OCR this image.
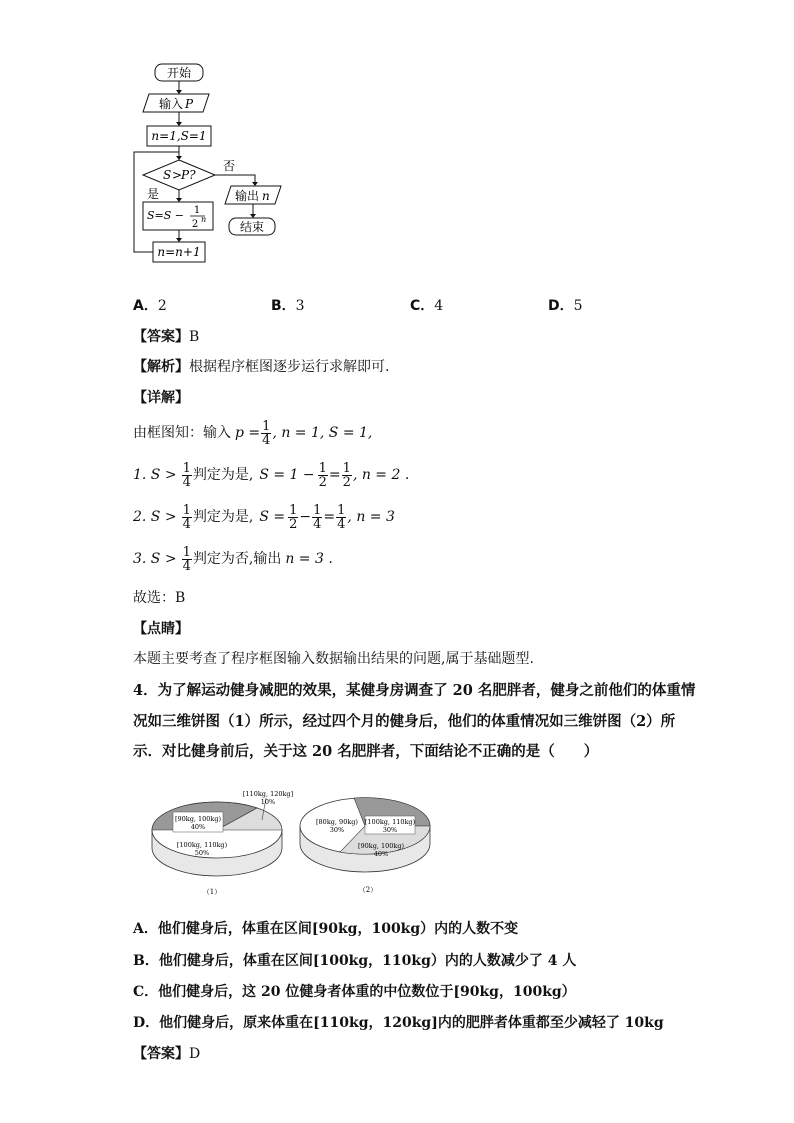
开始
输入 P
n=1,S=1
S >
P?
否
是
S=S − 1
2 n
n=n+1
输出 n
结束
A．2	B．3	C．4	D．5
【答案】B
【解析】根据程序框图逐步运行求解即可.
【详解】
由框图知：输入 $p = \frac{1}{4}$ , n = 1, S = 1,
1. $S > \frac{1}{4}$ 判定为是, $S = 1 - \frac{1}{2} = \frac{1}{2}$ , n = 2 .
2. $S > \frac{1}{4}$ 判定为是, $S = \frac{1}{2} - \frac{1}{4} = \frac{1}{4}$ , n = 3
3. $S > \frac{1}{4}$ 判定为否,输出 n = 3 .
故选：B
【点睛】
本题主要考查了程序框图输入数据输出结果的问题,属于基础题型.
4．为了解运动健身减肥的效果，某健身房调查了 20 名肥胖者，健身之前他们的体重情
况如三维饼图（1）所示，经过四个月的健身后，他们的体重情况如三维饼图（2）所
示．对比健身前后，关于这 20 名肥胖者，下面结论不正确的是（　　）
[110kg, 120kg]
10%
[90kg, 100kg)
40%
[100kg, 110kg)
50%
（1）
[80kg, 90kg)
30%
[100kg, 110kg)
30%
[90kg, 100kg)
40%
（2）
A．他们健身后，体重在区间[90kg，100kg）内的人数不变
B．他们健身后，体重在区间[100kg，110kg）内的人数减少了 4 人
C．他们健身后，这 20 位健身者体重的中位数位于[90kg，100kg）
D．他们健身后，原来体重在[110kg，120kg]内的肥胖者体重都至少减轻了 10kg
【答案】D
